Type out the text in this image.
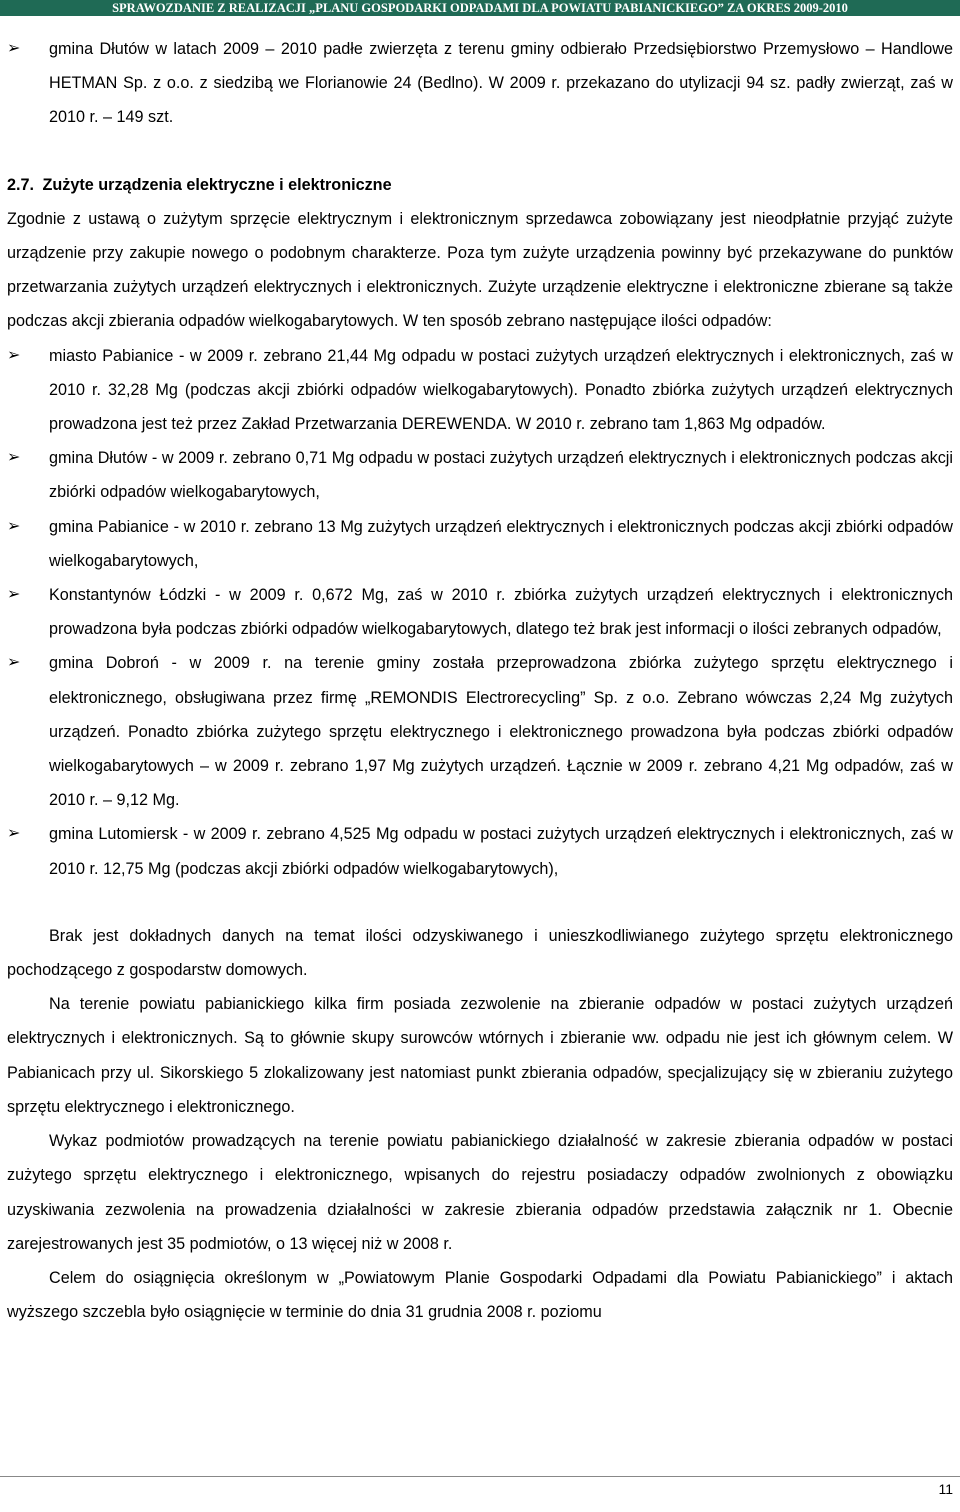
SPRAWOZDANIE Z REALIZACJI „PLANU GOSPODARKI ODPADAMI DLA POWIATU PABIANICKIEGO” ZA OKRES 2009-2010
➢ gmina Dłutów w latach 2009 – 2010 padłe zwierzęta z terenu gminy odbierało Przedsiębiorstwo Przemysłowo – Handlowe HETMAN Sp. z o.o. z siedzibą we Florianowie 24 (Bedlno). W 2009 r. przekazano do utylizacji 94 sz. padły zwierząt, zaś w 2010 r. – 149 szt.
2.7. Zużyte urządzenia elektryczne i elektroniczne
Zgodnie z ustawą o zużytym sprzęcie elektrycznym i elektronicznym sprzedawca zobowiązany jest nieodpłatnie przyjąć zużyte urządzenie przy zakupie nowego o podobnym charakterze. Poza tym zużyte urządzenia powinny być przekazywane do punktów przetwarzania zużytych urządzeń elektrycznych i elektronicznych. Zużyte urządzenie elektryczne i elektroniczne zbierane są także podczas akcji zbierania odpadów wielkogabarytowych. W ten sposób zebrano następujące ilości odpadów:
➢ miasto Pabianice - w 2009 r. zebrano 21,44 Mg odpadu w postaci zużytych urządzeń elektrycznych i elektronicznych, zaś w 2010 r. 32,28 Mg (podczas akcji zbiórki odpadów wielkogabarytowych). Ponadto zbiórka zużytych urządzeń elektrycznych prowadzona jest też przez Zakład Przetwarzania DEREWENDA. W 2010 r. zebrano tam 1,863 Mg odpadów.
➢ gmina Dłutów - w 2009 r. zebrano 0,71 Mg odpadu w postaci zużytych urządzeń elektrycznych i elektronicznych podczas akcji zbiórki odpadów wielkogabarytowych,
➢ gmina Pabianice - w 2010 r. zebrano 13 Mg zużytych urządzeń elektrycznych i elektronicznych podczas akcji zbiórki odpadów wielkogabarytowych,
➢ Konstantynów Łódzki - w 2009 r. 0,672 Mg, zaś w 2010 r. zbiórka zużytych urządzeń elektrycznych i elektronicznych prowadzona była podczas zbiórki odpadów wielkogabarytowych, dlatego też brak jest informacji o ilości zebranych odpadów,
➢ gmina Dobroń - w 2009 r. na terenie gminy została przeprowadzona zbiórka zużytego sprzętu elektrycznego i elektronicznego, obsługiwana przez firmę „REMONDIS Electrorecycling” Sp. z o.o. Zebrano wówczas 2,24 Mg zużytych urządzeń. Ponadto zbiórka zużytego sprzętu elektrycznego i elektronicznego prowadzona była podczas zbiórki odpadów wielkogabarytowych – w 2009 r. zebrano 1,97 Mg zużytych urządzeń. Łącznie w 2009 r. zebrano 4,21 Mg odpadów, zaś w 2010 r. – 9,12 Mg.
➢ gmina Lutomiersk - w 2009 r. zebrano 4,525 Mg odpadu w postaci zużytych urządzeń elektrycznych i elektronicznych, zaś w 2010 r. 12,75 Mg (podczas akcji zbiórki odpadów wielkogabarytowych),
Brak jest dokładnych danych na temat ilości odzyskiwanego i unieszkodliwianego zużytego sprzętu elektronicznego pochodzącego z gospodarstw domowych.
Na terenie powiatu pabianickiego kilka firm posiada zezwolenie na zbieranie odpadów w postaci zużytych urządzeń elektrycznych i elektronicznych. Są to głównie skupy surowców wtórnych i zbieranie ww. odpadu nie jest ich głównym celem. W Pabianicach przy ul. Sikorskiego 5 zlokalizowany jest natomiast punkt zbierania odpadów, specjalizujący się w zbieraniu zużytego sprzętu elektrycznego i elektronicznego.
Wykaz podmiotów prowadzących na terenie powiatu pabianickiego działalność w zakresie zbierania odpadów w postaci zużytego sprzętu elektrycznego i elektronicznego, wpisanych do rejestru posiadaczy odpadów zwolnionych z obowiązku uzyskiwania zezwolenia na prowadzenia działalności w zakresie zbierania odpadów przedstawia załącznik nr 1. Obecnie zarejestrowanych jest 35 podmiotów, o 13 więcej niż w 2008 r.
Celem do osiągnięcia określonym w „Powiatowym Planie Gospodarki Odpadami dla Powiatu Pabianickiego” i aktach wyższego szczebla było osiągnięcie w terminie do dnia 31 grudnia 2008 r. poziomu
11
